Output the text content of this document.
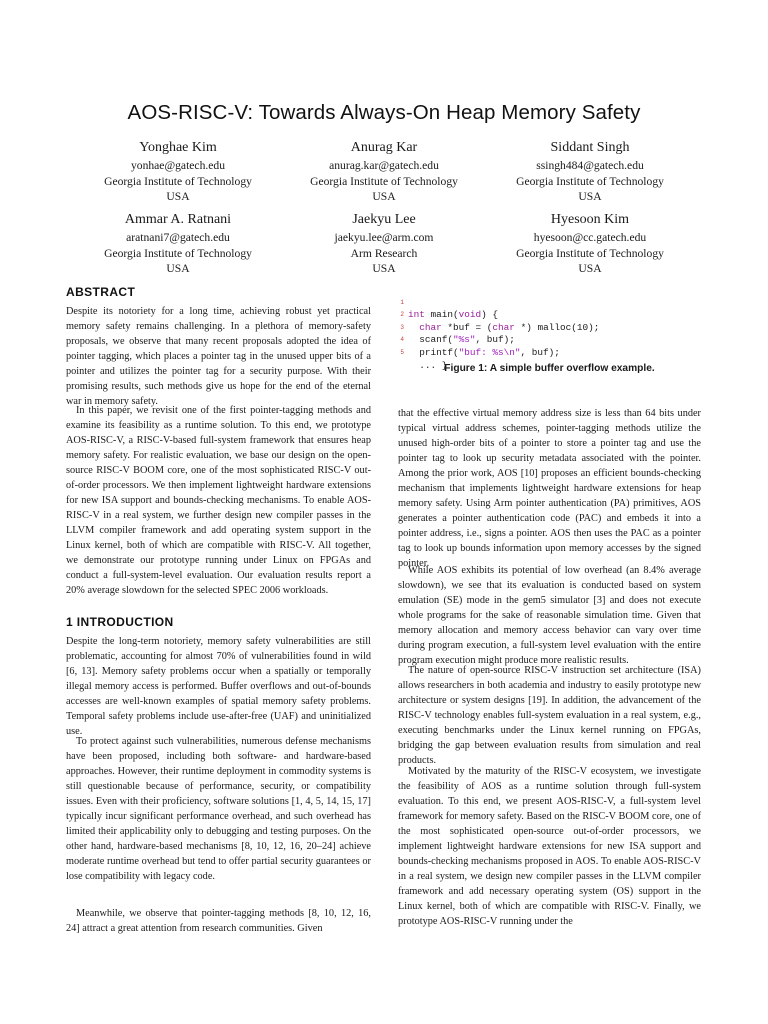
AOS-RISC-V: Towards Always-On Heap Memory Safety
Yonghae Kim
yonhae@gatech.edu
Georgia Institute of Technology
USA
Anurag Kar
anurag.kar@gatech.edu
Georgia Institute of Technology
USA
Siddant Singh
ssingh484@gatech.edu
Georgia Institute of Technology
USA
Ammar A. Ratnani
aratnani7@gatech.edu
Georgia Institute of Technology
USA
Jaekyu Lee
jaekyu.lee@arm.com
Arm Research
USA
Hyesoon Kim
hyesoon@cc.gatech.edu
Georgia Institute of Technology
USA
ABSTRACT

Despite its notoriety for a long time, achieving robust yet practical memory safety remains challenging. In a plethora of memory-safety proposals, we observe that many recent proposals adopted the idea of pointer tagging, which places a pointer tag in the unused upper bits of a pointer and utilizes the pointer tag for a security purpose. With their promising results, such methods give us hope for the end of the eternal war in memory safety.

In this paper, we revisit one of the first pointer-tagging methods and examine its feasibility as a runtime solution. To this end, we prototype AOS-RISC-V, a RISC-V-based full-system framework that ensures heap memory safety. For realistic evaluation, we base our design on the open-source RISC-V BOOM core, one of the most sophisticated RISC-V out-of-order processors. We then implement lightweight hardware extensions for new ISA support and bounds-checking mechanisms. To enable AOS-RISC-V in a real system, we further design new compiler passes in the LLVM compiler framework and add operating system support in the Linux kernel, both of which are compatible with RISC-V. All together, we demonstrate our prototype running under Linux on FPGAs and conduct a full-system-level evaluation. Our evaluation results report a 20% average slowdown for the selected SPEC 2006 workloads.

1 INTRODUCTION

Despite the long-term notoriety, memory safety vulnerabilities are still problematic, accounting for almost 70% of vulnerabilities found in wild [6, 13]. Memory safety problems occur when a spatially or temporally illegal memory access is performed. Buffer overflows and out-of-bounds accesses are well-known examples of spatial memory safety problems. Temporal safety problems include use-after-free (UAF) and uninitialized use.

To protect against such vulnerabilities, numerous defense mechanisms have been proposed, including both software- and hardware-based approaches. However, their runtime deployment in commodity systems is still questionable because of performance, security, or compatibility issues. Even with their proficiency, software solutions [1, 4, 5, 14, 15, 17] typically incur significant performance overhead, and such overhead has limited their applicability only to debugging and testing purposes. On the other hand, hardware-based mechanisms [8, 10, 12, 16, 20–24] achieve moderate runtime overhead but tend to offer partial security guarantees or lose compatibility with legacy code.

Meanwhile, we observe that pointer-tagging methods [8, 10, 12, 16, 24] attract a great attention from research communities. Given

1

int main(void) {

2

char *buf = (char *) malloc(10);

3

scanf("%s", buf);

4

printf("buf: %s\n", buf);

5

... }

Figure 1: A simple buffer overflow example.

that the effective virtual memory address size is less than 64 bits under typical virtual address schemes, pointer-tagging methods utilize the unused high-order bits of a pointer to store a pointer tag and use the pointer tag to look up security metadata associated with the pointer. Among the prior work, AOS [10] proposes an efficient bounds-checking mechanism that implements lightweight hardware extensions for heap memory safety. Using Arm pointer authentication (PA) primitives, AOS generates a pointer authentication code (PAC) and embeds it into a pointer address, i.e., signs a pointer. AOS then uses the PAC as a pointer tag to look up bounds information upon memory accesses by the signed pointer.

While AOS exhibits its potential of low overhead (an 8.4% average slowdown), we see that its evaluation is conducted based on system emulation (SE) mode in the gem5 simulator [3] and does not execute whole programs for the sake of reasonable simulation time. Given that memory allocation and memory access behavior can vary over time during program execution, a full-system level evaluation with the entire program execution might produce more realistic results.

The nature of open-source RISC-V instruction set architecture (ISA) allows researchers in both academia and industry to easily prototype new architecture or system designs [19]. In addition, the advancement of the RISC-V technology enables full-system evaluation in a real system, e.g., executing benchmarks under the Linux kernel running on FPGAs, bridging the gap between evaluation results from simulation and real products.

Motivated by the maturity of the RISC-V ecosystem, we investigate the feasibility of AOS as a runtime solution through full-system evaluation. To this end, we present AOS-RISC-V, a full-system level framework for memory safety. Based on the RISC-V BOOM core, one of the most sophisticated open-source out-of-order processors, we implement lightweight hardware extensions for new ISA support and bounds-checking mechanisms proposed in AOS. To enable AOS-RISC-V in a real system, we design new compiler passes in the LLVM compiler framework and add necessary operating system (OS) support in the Linux kernel, both of which are compatible with RISC-V. Finally, we prototype AOS-RISC-V running under the
